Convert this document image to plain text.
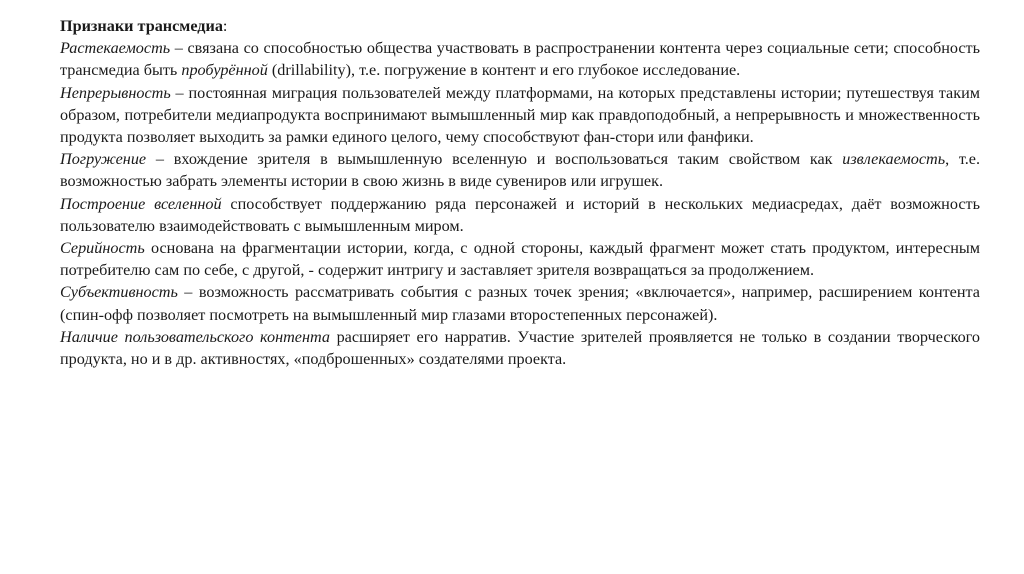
Признаки трансмедиа:
Растекаемость – связана со способностью общества участвовать в распространении контента через социальные сети; способность трансмедиа быть пробурённой (drillability), т.е. погружение в контент и его глубокое исследование.
Непрерывность – постоянная миграция пользователей между платформами, на которых представлены истории; путешествуя таким образом, потребители медиапродукта воспринимают вымышленный мир как правдоподобный, а непрерывность и множественность продукта позволяет выходить за рамки единого целого, чему способствуют фан-стори или фанфики.
Погружение – вхождение зрителя в вымышленную вселенную и воспользоваться таким свойством как извлекаемость, т.е. возможностью забрать элементы истории в свою жизнь в виде сувениров или игрушек.
Построение вселенной способствует поддержанию ряда персонажей и историй в нескольких медиасредах, даёт возможность пользователю взаимодействовать с вымышленным миром.
Серийность основана на фрагментации истории, когда, с одной стороны, каждый фрагмент может стать продуктом, интересным потребителю сам по себе, с другой, - содержит интригу и заставляет зрителя возвращаться за продолжением.
Субъективность – возможность рассматривать события с разных точек зрения; «включается», например, расширением контента (спин-офф позволяет посмотреть на вымышленный мир глазами второстепенных персонажей).
Наличие пользовательского контента расширяет его нарратив. Участие зрителей проявляется не только в создании творческого продукта, но и в др. активностях, «подброшенных» создателями проекта.
